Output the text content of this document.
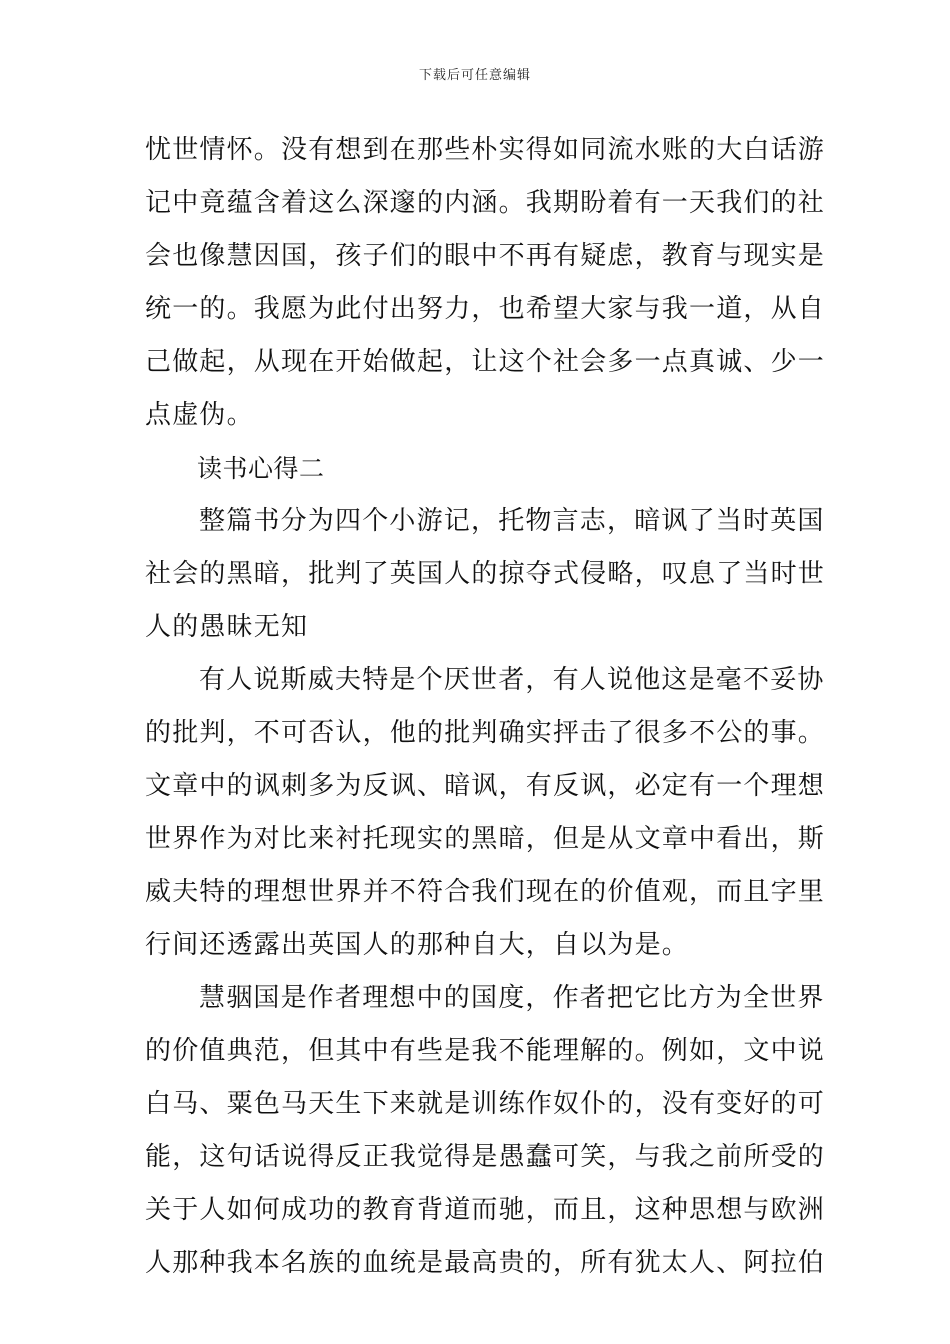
下载后可任意编辑
忧世情怀。没有想到在那些朴实得如同流水账的大白话游
记中竟蕴含着这么深邃的内涵。我期盼着有一天我们的社
会也像慧因国，孩子们的眼中不再有疑虑，教育与现实是
统一的。我愿为此付出努力，也希望大家与我一道，从自
己做起，从现在开始做起，让这个社会多一点真诚、少一
点虚伪。
读书心得二
整篇书分为四个小游记，托物言志，暗讽了当时英国
社会的黑暗，批判了英国人的掠夺式侵略，叹息了当时世
人的愚昧无知
有人说斯威夫特是个厌世者，有人说他这是毫不妥协
的批判，不可否认，他的批判确实抨击了很多不公的事。
文章中的讽刺多为反讽、暗讽，有反讽，必定有一个理想
世界作为对比来衬托现实的黑暗，但是从文章中看出，斯
威夫特的理想世界并不符合我们现在的价值观，而且字里
行间还透露出英国人的那种自大，自以为是。
慧骃国是作者理想中的国度，作者把它比方为全世界
的价值典范，但其中有些是我不能理解的。例如，文中说
白马、粟色马天生下来就是训练作奴仆的，没有变好的可
能，这句话说得反正我觉得是愚蠢可笑，与我之前所受的
关于人如何成功的教育背道而驰，而且，这种思想与欧洲
人那种我本名族的血统是最高贵的，所有犹太人、阿拉伯
